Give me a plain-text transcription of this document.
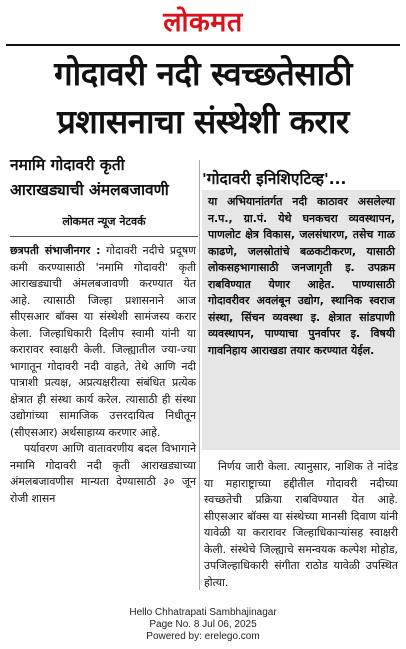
लोकमत
गोदावरी नदी स्वच्छतेसाठी
प्रशासनाचा संस्थेशी करार
नमामि गोदावरी कृती
आराखड्याची अंमलबजावणी
लोकमत न्यूज नेटवर्क

छत्रपती संभाजीनगर : गोदावरी नदीचे प्रदूषण कमी करण्यासाठी 'नमामि गोदावरी' कृती आराखड्याची अंमलबजावणी करण्यात येत आहे. त्यासाठी जिल्हा प्रशासनाने आज सीएसआर बॉक्स या संस्थेशी सामंजस्य करार केला. जिल्हाधिकारी दिलीप स्वामी यांनी या करारावर स्वाक्षरी केली. जिल्ह्यातील ज्या-ज्या भागातून गोदावरी नदी वाहते, तेथे आणि नदी पात्राशी प्रत्यक्ष, अप्रत्यक्षरीत्या संबंधित प्रत्येक क्षेत्रात ही संस्था कार्य करेल. त्यासाठी ही संस्था उद्योगांच्या सामाजिक उत्तरदायित्व निधीतून (सीएसआर) अर्थसाहाय्य करणार आहे.

पर्यावरण आणि वातावरणीय बदल विभागाने नमामि गोदावरी नदी कृती आराखड्याच्या अंमलबजावणीस मान्यता देण्यासाठी ३० जून रोजी शासन

'गोदावरी इनिशिएटिव्ह'...

या अभियानांतर्गत नदी काठावर असलेल्या न.प., ग्रा.पं. येथे घनकचरा व्यवस्थापन, पाणलोट क्षेत्र विकास, जलसंधारण, तसेच गाळ काढणे, जलस्रोतांचे बळकटीकरण, यासाठी लोकसहभागासाठी जनजागृती इ. उपक्रम राबविण्यात येणार आहेत. पाण्यासाठी गोदावरीवर अवलंबून उद्योग, स्थानिक स्वराज संस्था, सिंचन व्यवस्था इ. क्षेत्रात सांडपाणी व्यवस्थापन, पाण्याचा पुनर्वापर इ. विषयी गावनिहाय आराखडा तयार करण्यात येईल.

निर्णय जारी केला. त्यानुसार, नाशिक ते नांदेड या महाराष्ट्राच्या हद्दीतील गोदावरी नदीच्या स्वच्छतेची प्रक्रिया राबविण्यात येत आहे. सीएसआर बॉक्स या संस्थेच्या मानसी दिवाण यांनी यावेळी या करारावर जिल्हाधिकाऱ्यांसह स्वाक्षरी केली. संस्थेचे जिल्ह्याचे समन्वयक कल्पेश मोहोड, उपजिल्हाधिकारी संगीता राठोड यावेळी उपस्थित होत्या.

Hello Chhatrapati Sambhajinagar
Page No. 8 Jul 06, 2025
Powered by: erelego.com
